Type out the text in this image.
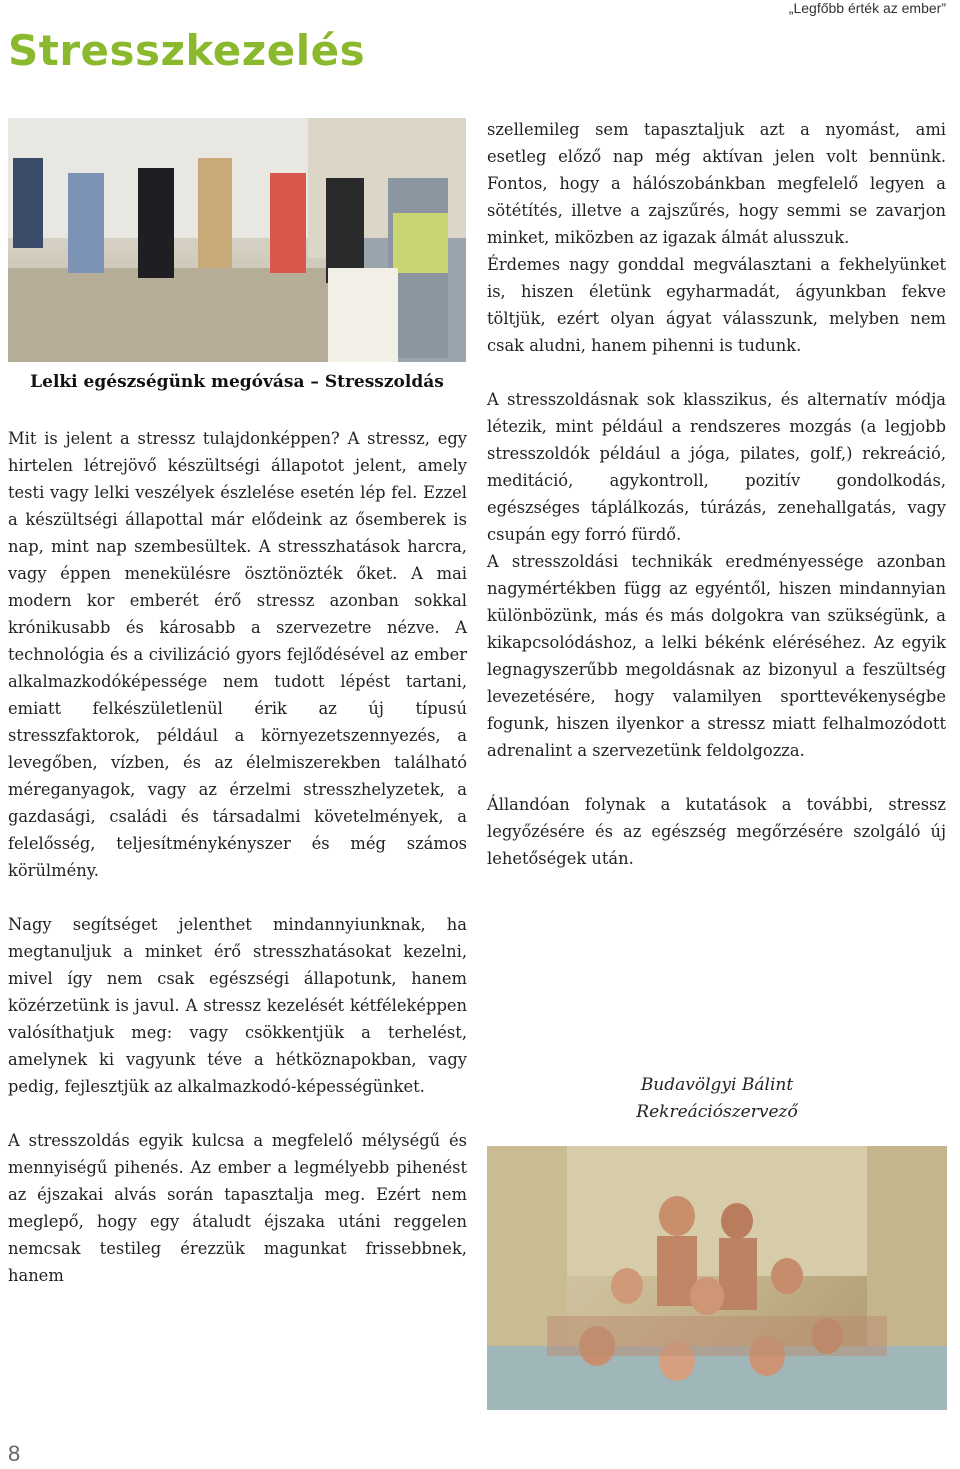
„Legfőbb érték az ember”
Stresszkezelés
Lelki egészségünk megóvása – Stresszoldás

Mit is jelent a stressz tulajdonképpen? A stressz, egy hirtelen létrejövő készültségi állapotot jelent, amely testi vagy lelki veszélyek észlelése esetén lép fel. Ezzel a készültségi állapottal már elődeink az ősemberek is nap, mint nap szembesültek. A stresszhatások harcra, vagy éppen menekülésre ösztönözték őket. A mai modern kor emberét érő stressz azonban sokkal krónikusabb és károsabb a szervezetre nézve. A technológia és a civilizáció gyors fejlődésével az ember alkalmazkodóképessége nem tudott lépést tartani, emiatt felkészületlenül érik az új típusú stresszfaktorok, például a környezetszennyezés, a levegőben, vízben, és az élelmiszerekben található méreganyagok, vagy az érzelmi stresszhelyzetek, a gazdasági, családi és társadalmi követelmények, a felelősség, teljesítménykényszer és még számos körülmény.

Nagy segítséget jelenthet mindannyiunknak, ha megtanuljuk a minket érő stresszhatásokat kezelni, mivel így nem csak egészségi állapotunk, hanem közérzetünk is javul. A stressz kezelését kétféleképpen valósíthatjuk meg: vagy csökkentjük a terhelést, amelynek ki vagyunk téve a hétköznapokban, vagy pedig, fejlesztjük az alkalmazkodó-képességünket.

A stresszoldás egyik kulcsa a megfelelő mélységű és mennyiségű pihenés. Az ember a legmélyebb pihenést az éjszakai alvás során tapasztalja meg. Ezért nem meglepő, hogy egy átaludt éjszaka utáni reggelen nemcsak testileg érezzük magunkat frissebbnek, hanem

szellemileg sem tapasztaljuk azt a nyomást, ami esetleg előző nap még aktívan jelen volt bennünk. Fontos, hogy a hálószobánkban megfelelő legyen a sötétítés, illetve a zajszűrés, hogy semmi se zavarjon minket, miközben az igazak álmát alusszuk.

Érdemes nagy gonddal megválasztani a fekhelyünket is, hiszen életünk egyharmadát, ágyunkban fekve töltjük, ezért olyan ágyat válasszunk, melyben nem csak aludni, hanem pihenni is tudunk.

A stresszoldásnak sok klasszikus, és alternatív módja létezik, mint például a rendszeres mozgás (a legjobb stresszoldók például a jóga, pilates, golf,) rekreáció, meditáció, agykontroll, pozitív gondolkodás, egészséges táplálkozás, túrázás, zenehallgatás, vagy csupán egy forró fürdő.

A stresszoldási technikák eredményessége azonban nagymértékben függ az egyéntől, hiszen mindannyian különbözünk, más és más dolgokra van szükségünk, a kikapcsolódáshoz, a lelki békénk eléréséhez. Az egyik legnagyszerűbb megoldásnak az bizonyul a feszültség levezetésére, hogy valamilyen sporttevékenységbe fogunk, hiszen ilyenkor a stressz miatt felhalmozódott adrenalint a szervezetünk feldolgozza.

Állandóan folynak a kutatások a további, stressz legyőzésére és az egészség megőrzésére szolgáló új lehetőségek után.

Budavölgyi Bálint
Rekreációszervező
8
